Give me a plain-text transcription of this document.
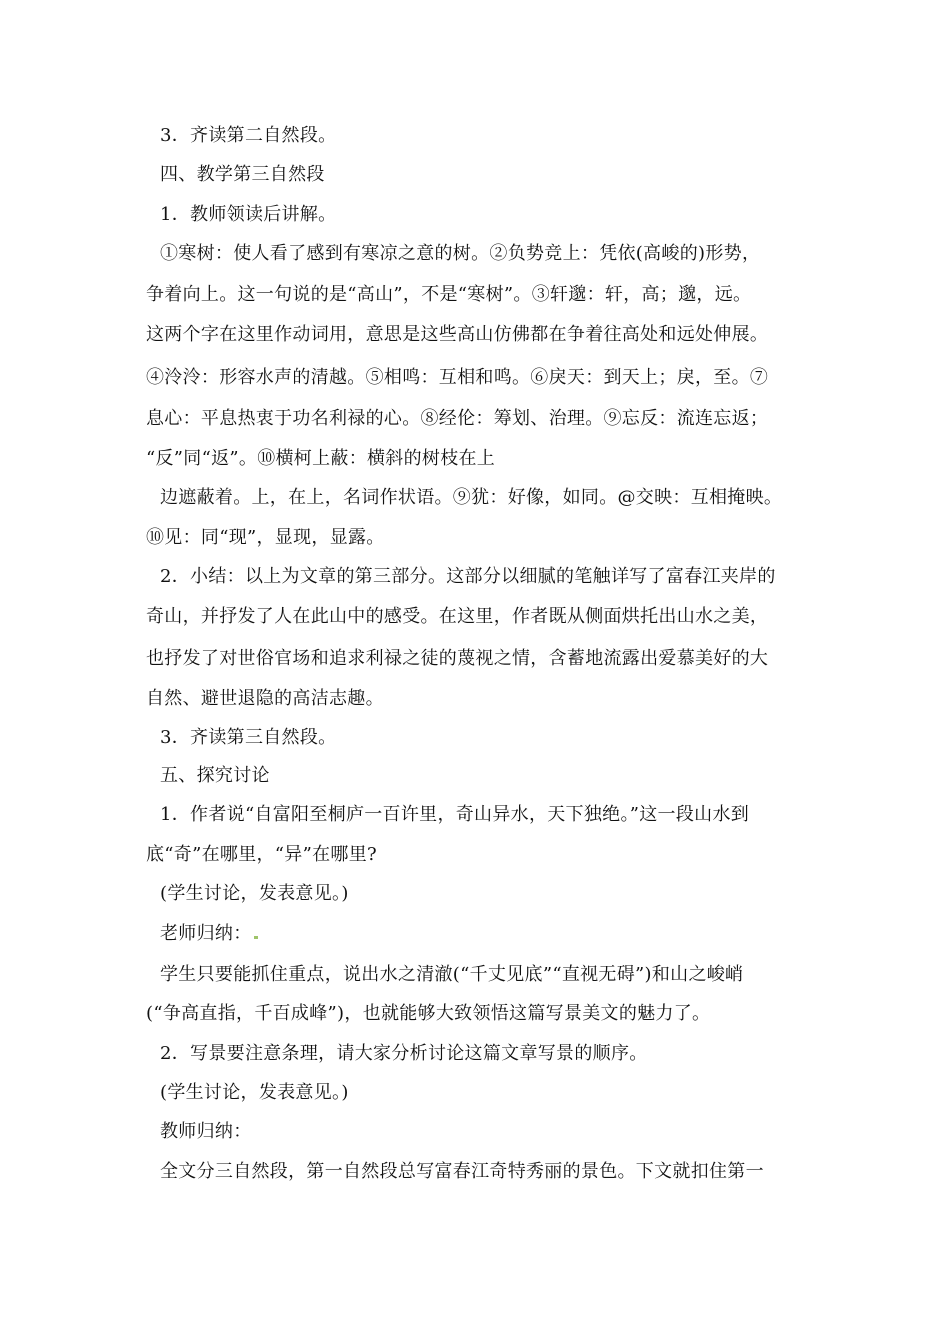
3．齐读第二自然段。
四、教学第三自然段
1．教师领读后讲解。
①寒树：使人看了感到有寒凉之意的树。②负势竞上：凭依(高峻的)形势，
争着向上。这一句说的是“高山”，不是“寒树”。③轩邈：轩，高；邈，远。
这两个字在这里作动词用，意思是这些高山仿佛都在争着往高处和远处伸展。
④泠泠：形容水声的清越。⑤相鸣：互相和鸣。⑥戾天：到天上；戾，至。⑦
息心：平息热衷于功名利禄的心。⑧经伦：筹划、治理。⑨忘反：流连忘返；
“反”同“返”。⑩横柯上蔽：横斜的树枝在上
边遮蔽着。上，在上，名词作状语。⑨犹：好像，如同。@交映：互相掩映。
⑩见：同“现”，显现，显露。
2．小结：以上为文章的第三部分。这部分以细腻的笔触详写了富春江夹岸的
奇山，并抒发了人在此山中的感受。在这里，作者既从侧面烘托出山水之美，
也抒发了对世俗官场和追求利禄之徒的蔑视之情，含蓄地流露出爱慕美好的大
自然、避世退隐的高洁志趣。
3．齐读第三自然段。
五、探究讨论
1．作者说“自富阳至桐庐一百许里，奇山异水，天下独绝。”这一段山水到
底“奇”在哪里，“异”在哪里?
(学生讨论，发表意见。)
老师归纳：
学生只要能抓住重点，说出水之清澈(“千丈见底”“直视无碍”)和山之峻峭
(“争高直指，千百成峰”)，也就能够大致领悟这篇写景美文的魅力了。
2．写景要注意条理，请大家分析讨论这篇文章写景的顺序。
(学生讨论，发表意见。)
教师归纳：
全文分三自然段，第一自然段总写富春江奇特秀丽的景色。下文就扣住第一
